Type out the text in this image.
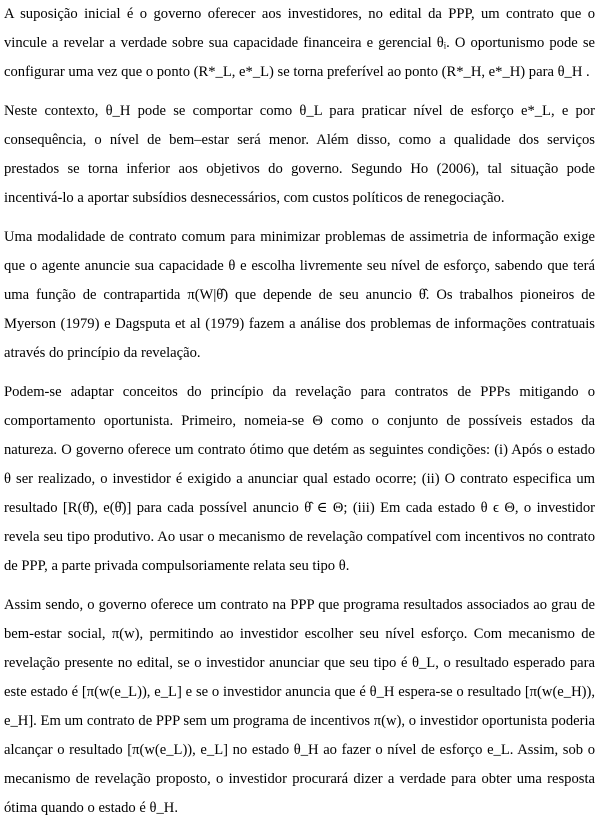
A suposição inicial é o governo oferecer aos investidores, no edital da PPP, um contrato que o vincule a revelar a verdade sobre sua capacidade financeira e gerencial θᵢ. O oportunismo pode se configurar uma vez que o ponto (R*_L, e*_L) se torna preferível ao ponto (R*_H, e*_H) para θ_H .

Neste contexto, θ_H pode se comportar como θ_L para praticar nível de esforço e*_L, e por consequência, o nível de bem–estar será menor. Além disso, como a qualidade dos serviços prestados se torna inferior aos objetivos do governo. Segundo Ho (2006), tal situação pode incentivá-lo a aportar subsídios desnecessários, com custos políticos de renegociação.

Uma modalidade de contrato comum para minimizar problemas de assimetria de informação exige que o agente anuncie sua capacidade θ e escolha livremente seu nível de esforço, sabendo que terá uma função de contrapartida π(W|θ̂) que depende de seu anuncio θ̂. Os trabalhos pioneiros de Myerson (1979) e Dagsputa et al (1979) fazem a análise dos problemas de informações contratuais através do princípio da revelação.

Podem-se adaptar conceitos do princípio da revelação para contratos de PPPs mitigando o comportamento oportunista. Primeiro, nomeia-se Θ como o conjunto de possíveis estados da natureza. O governo oferece um contrato ótimo que detém as seguintes condições: (i) Após o estado θ ser realizado, o investidor é exigido a anunciar qual estado ocorre; (ii) O contrato especifica um resultado [R(θ̂), e(θ̂)] para cada possível anuncio θ̂ ∈ Θ; (iii) Em cada estado θ ϵ Θ, o investidor revela seu tipo produtivo. Ao usar o mecanismo de revelação compatível com incentivos no contrato de PPP, a parte privada compulsoriamente relata seu tipo θ.

Assim sendo, o governo oferece um contrato na PPP que programa resultados associados ao grau de bem-estar social, π(w), permitindo ao investidor escolher seu nível esforço. Com mecanismo de revelação presente no edital, se o investidor anunciar que seu tipo é θ_L, o resultado esperado para este estado é [π(w(e_L)), e_L] e se o investidor anuncia que é θ_H espera-se o resultado [π(w(e_H)), e_H]. Em um contrato de PPP sem um programa de incentivos π(w), o investidor oportunista poderia alcançar o resultado [π(w(e_L)), e_L] no estado θ_H ao fazer o nível de esforço e_L. Assim, sob o mecanismo de revelação proposto, o investidor procurará dizer a verdade para obter uma resposta ótima quando o estado é θ_H.
